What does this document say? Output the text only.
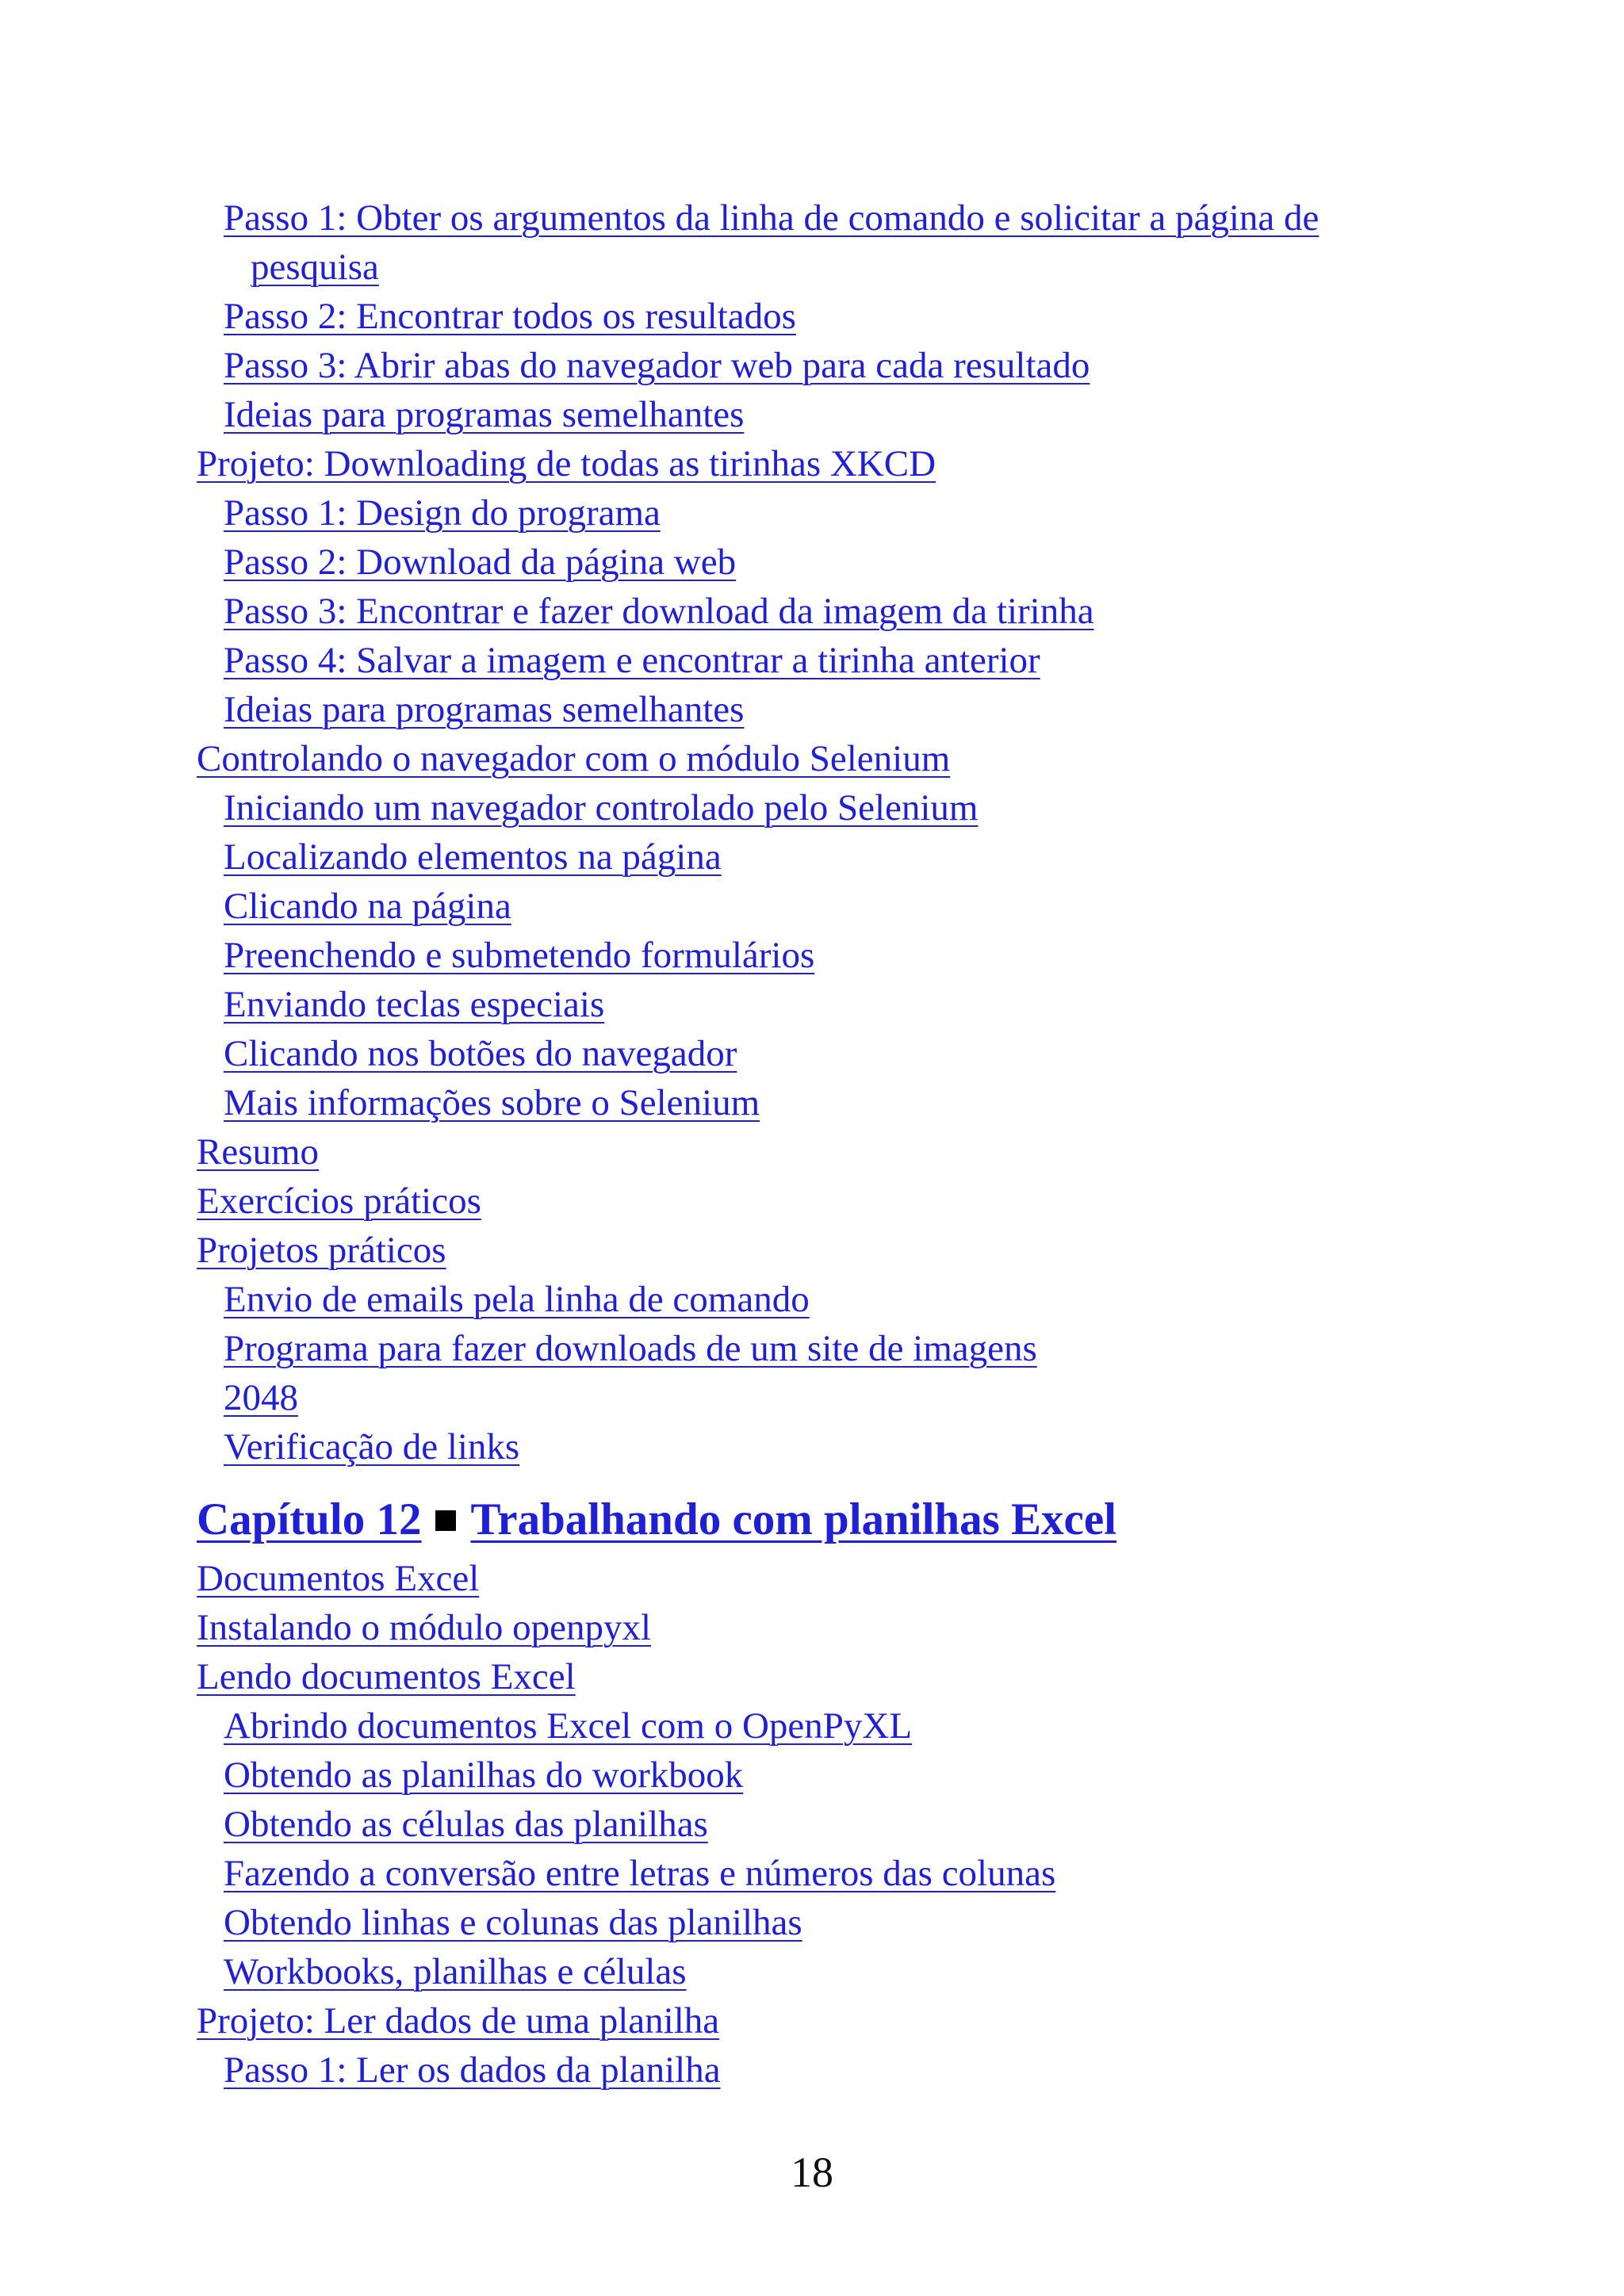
Passo 1: Obter os argumentos da linha de comando e solicitar a página de pesquisa
Passo 2: Encontrar todos os resultados
Passo 3: Abrir abas do navegador web para cada resultado
Ideias para programas semelhantes
Projeto: Downloading de todas as tirinhas XKCD
Passo 1: Design do programa
Passo 2: Download da página web
Passo 3: Encontrar e fazer download da imagem da tirinha
Passo 4: Salvar a imagem e encontrar a tirinha anterior
Ideias para programas semelhantes
Controlando o navegador com o módulo Selenium
Iniciando um navegador controlado pelo Selenium
Localizando elementos na página
Clicando na página
Preenchendo e submetendo formulários
Enviando teclas especiais
Clicando nos botões do navegador
Mais informações sobre o Selenium
Resumo
Exercícios práticos
Projetos práticos
Envio de emails pela linha de comando
Programa para fazer downloads de um site de imagens
2048
Verificação de links
Capítulo 12 Trabalhando com planilhas Excel
Documentos Excel
Instalando o módulo openpyxl
Lendo documentos Excel
Abrindo documentos Excel com o OpenPyXL
Obtendo as planilhas do workbook
Obtendo as células das planilhas
Fazendo a conversão entre letras e números das colunas
Obtendo linhas e colunas das planilhas
Workbooks, planilhas e células
Projeto: Ler dados de uma planilha
Passo 1: Ler os dados da planilha
18
